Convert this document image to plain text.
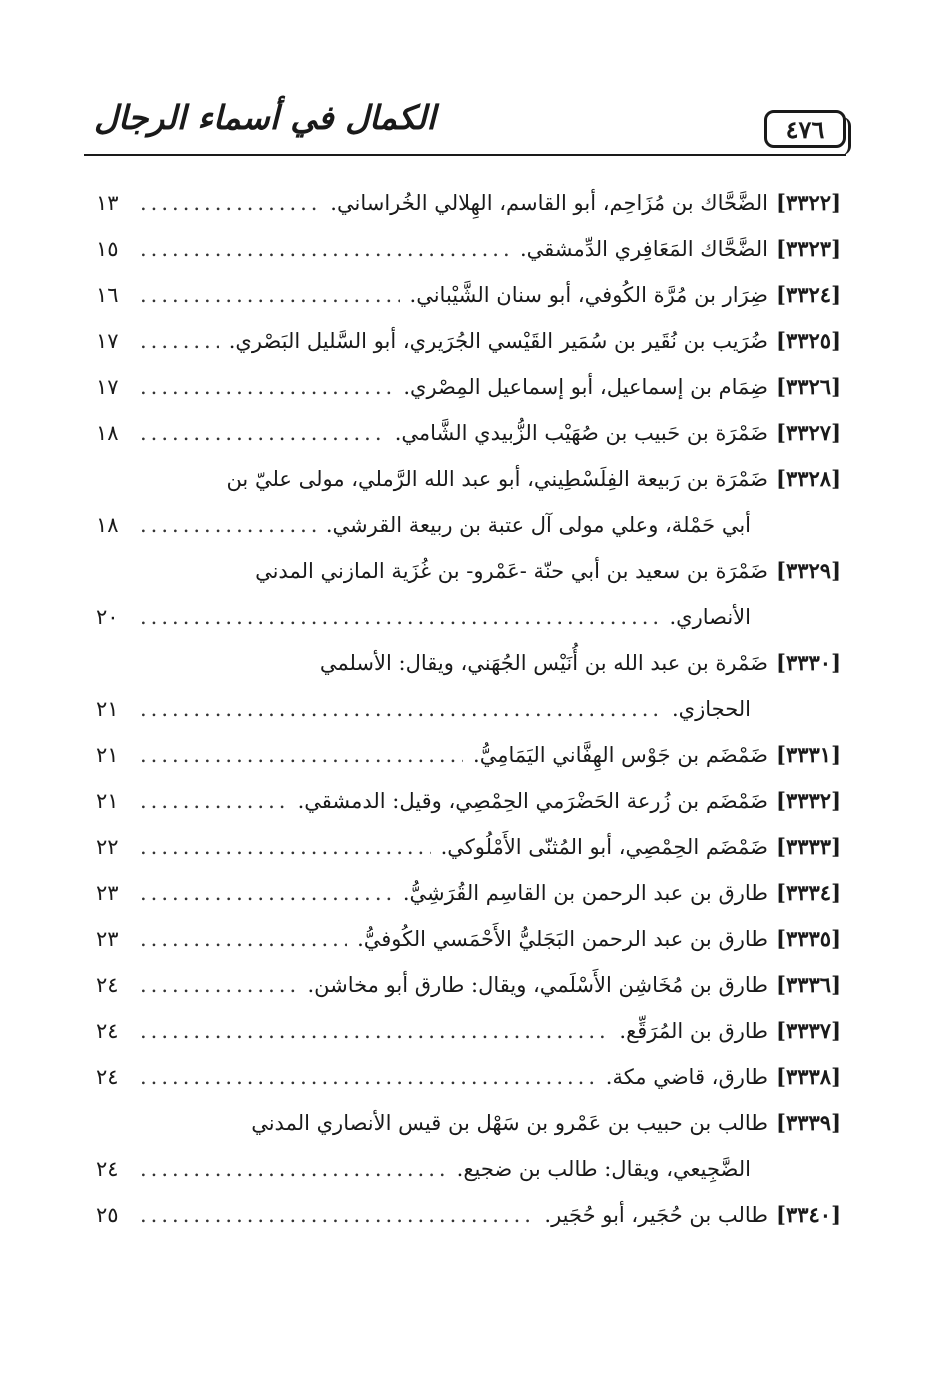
الكمال في أسماء الرجال	٤٧٦
[٣٣٢٢]
الضَّحَّاك بن مُزَاحِم، أبو القاسم، الهِلالي الخُراساني.
.....
١٣
[٣٣٢٣]
الضَّحَّاك المَعَافِري الدِّمشقي.
.....
١٥
[٣٣٢٤]
ضِرَار بن مُرَّة الكُوفي، أبو سنان الشَّيْباني.
.....
١٦
[٣٣٢٥]
ضُرَيب بن نُقَير بن سُمَير القَيْسي الجُرَيري، أبو السَّليل البَصْري.
.....
١٧
[٣٣٢٦]
ضِمَام بن إسماعيل، أبو إسماعيل المِصْري.
.....
١٧
[٣٣٢٧]
ضَمْرَة بن حَبيب بن صُهَيْب الزُّبيدي الشَّامي.
.....
١٨
[٣٣٢٨]
ضَمْرَة بن رَبيعة الفِلَسْطِيني، أبو عبد الله الرَّملي، مولى عليّ بن
أبي حَمْلة، وعلي مولى آل عتبة بن ربيعة القرشي.
.....
١٨
[٣٣٢٩]
ضَمْرَة بن سعيد بن أبي حنّة -عَمْرو- بن غُزَية المازني المدني
الأنصاري.
.....
٢٠
[٣٣٣٠]
ضَمْرة بن عبد الله بن أُنَيْس الجُهَني، ويقال: الأسلمي
الحجازي.
.....
٢١
[٣٣٣١]
ضَمْضَم بن جَوْس الهِفَّاني اليَمَامِيُّ.
.....
٢١
[٣٣٣٢]
ضَمْضَم بن زُرعة الحَضْرَمي الحِمْصِي، وقيل: الدمشقي.
.....
٢١
[٣٣٣٣]
ضَمْضَم الحِمْصِي، أبو المُثنّى الأَمْلُوكي.
.....
٢٢
[٣٣٣٤]
طارق بن عبد الرحمن بن القاسِم القُرَشِيُّ.
.....
٢٣
[٣٣٣٥]
طارق بن عبد الرحمن البَجَليُّ الأَحْمَسي الكُوفيُّ.
.....
٢٣
[٣٣٣٦]
طارق بن مُخَاشِن الأَسْلَمي، ويقال: طارق أبو مخاشن.
.....
٢٤
[٣٣٣٧]
طارق بن المُرَقِّع.
.....
٢٤
[٣٣٣٨]
طارق، قاضي مكة.
.....
٢٤
[٣٣٣٩]
طالب بن حبيب بن عَمْرو بن سَهْل بن قيس الأنصاري المدني
الضَّجِيعي، ويقال: طالب بن ضجيع.
.....
٢٤
[٣٣٤٠]
طالب بن حُجَير، أبو حُجَير.
.....
٢٥
